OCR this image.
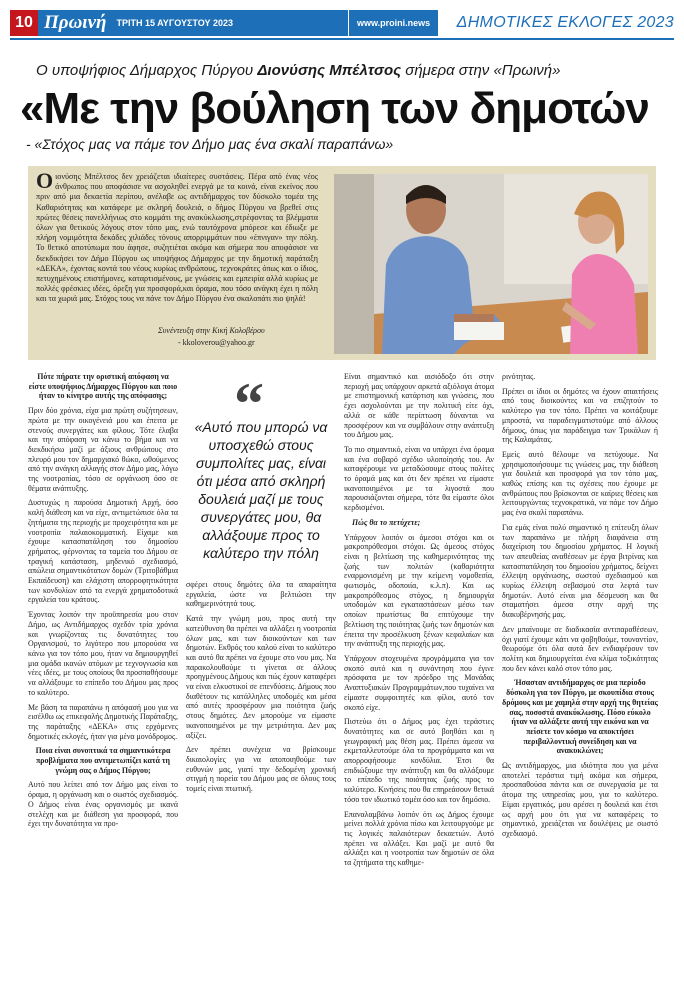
10 Πρωινή ΤΡΙΤΗ 15 ΑΥΓΟΥΣΤΟΥ 2023	www.proini.news	ΔΗΜΟΤΙΚΕΣ ΕΚΛΟΓΕΣ 2023
Ο υποψήφιος Δήμαρχος Πύργου Διονύσης Μπέλτσος σήμερα στην «Πρωινή»
«Με την βούληση των δημοτών
- «Στόχος μας να πάμε τον Δήμο μας ένα σκαλί παραπάνω»
Οιονύσης Μπέλτσος δεν χρειάζεται ιδιαίτερες συστάσεις. Πέρα από ένας νέος άνθρωπος που αποφάσισε να ασχοληθεί ενεργά με τα κοινά, είναι εκείνος που πριν από μια δεκαετία περίπου, ανέλαβε ως αντιδήμαρχος τον δύσκολο τομέα της Καθαριότητας και κατάφερε με σκληρή δουλειά, ο δήμος Πύργου να βρεθεί στις πρώτες θέσεις πανελλήνιως στο κομμάτι της ανακύκλωσης,στρέφοντας τα βλέμματα όλων για θετικούς λόγους στον τόπο μας, ενώ ταυτόχρονα μπόρεσε και έδιωξε με πλήρη νομιμότητα δεκάδες χιλιάδες τόνους απορριμμάτων που «έπνιγαν» την πόλη. Το θετικό αποτύπωμα που άφησε, συζητιέται ακόμα και σήμερα που αποφάσισε να διεκδικήσει τον Δήμο Πύργου ως υποψήφιος Δήμαρχος με την δημοτική παράταξη «ΔΕΚΑ», έχοντας κοντά του νέους κυρίως ανθρώπους, τεχνοκράτες όπως και ο ίδιος, πετυχημένους επιστήμονες, καταρτισμένους, με γνώσεις και εμπειρία αλλά κυρίως με πολλές φρέσκιες ιδέες, όρεξη για προσφορά,και όραμα, που τόσο ανάγκη έχει η πόλη και τα χωριά μας. Στόχος τους να πάνε τον Δήμο Πύργου ένα σκαλοπάτι πιο ψηλά!
Συνέντευξη στην Κική Κολοβέρου
- kkoloverou@yahoo.gr

Πότε πήρατε την οριστική απόφαση να είστε υποψήφιος Δήμαρχος Πύργου και ποιο ήταν το κίνητρο αυτής της απόφασης;

Πριν δύο χρόνια, είχα μια πρώτη συζήτησεων, πρώτα με την οικογένειά μου και έπειτα με στενούς συνεργάτες και φίλους. Τότε έλαβα και την απόφαση να κάνω το βήμα και να διεκδικήσω μαζί με άξιους ανθρώπους στο πλευρό μου τον δημαρχιακό θώκο, ωθούμενος από την ανάγκη αλλαγής στον Δήμο μας, λόγω της νοοτροπίας, τόσο σε οργάνωση όσο σε θέματα ανάπτυξης.

Δυστυχώς η παρούσα Δημοτική Αρχή, όσο καλή διάθεση και να είχε, αντιμετώπισε όλα τα ζητήματα της περιοχής με προχειρότητα και με νοοτροπία παλαιοκομματική. Είχαμε και έχουμε κατασπατάληση του δημοσίου χρήματος, φέρνοντας τα ταμεία του Δήμου σε τραγική κατάσταση, μηδενικό σχεδιασμό, απώλεια σημαντικότατων δομών (Τριτοβάθμια Εκπαίδευση) και ελάχιστη απορροφητικότητα των κονδυλίων από τα ενεργά χρηματοδοτικά εργαλεία του κράτους.

Έχοντας λοιπόν την προϋπηρεσία μου στον Δήμο, ως Αντιδήμαρχος σχεδόν τρία χρόνια και γνωρίζοντας τις δυνατότητες του Οργανισμού, το λιγότερο που μπορούσα να κάνω για τον τόπο μου, ήταν να δημιουργηθεί μια ομάδα ικανών ατόμων με τεχνογνωσία και νέες ιδέες, με τους οποίους θα προσπαθήσουμε να αλλάξουμε το επίπεδο του Δήμου μας προς το καλύτερο.

Με βάση τα παραπάνω η απόφασή μου για να εισέλθω ως επικεφαλής Δημοτικής Παράταξης, της παράταξης «ΔΕΚΑ» στις ερχόμενες δημοτικές εκλογές, ήταν για μένα μονόδρομος.

Ποια είναι συνοπτικά τα σημαντικότερα προβλήματα που αντιμετωπίζει κατά τη γνώμη σας ο Δήμος Πύργου;

Αυτό που λείπει από τον Δήμο μας είναι το όραμα, η οργάνωση και ο σωστός σχεδιασμός. Ο Δήμος είναι ένας οργανισμός με ικανά στελέχη και με διάθεση για προσφορά, που έχει την δυνατότητα να προ-

“
«Αυτό που μπορώ να υποσχεθώ στους συμπολίτες μας, είναι ότι μέσα από σκληρή δουλειά μαζί με τους συνεργάτες μου, θα αλλάξουμε προς το καλύτερο την πόλη

σφέρει στους δημότες όλα τα απαραίτητα εργαλεία, ώστε να βελτιώσει την καθημερινότητά τους.

Κατά την γνώμη μου, προς αυτή την κατεύθυνση θα πρέπει να αλλάξει η νοοτροπία όλων μας, και των διοικούντων και των δημοτών. Εκθρός του καλού είναι το καλύτερο και αυτό θα πρέπει να έχουμε στο νου μας. Να παρακολουθούμε τι γίνεται σε άλλους προηγμένους Δήμους και πώς έχουν καταφέρει να είναι ελκυστικοί σε επενδύσεις. Δήμους που διαθέτουν τις κατάλληλες υποδομές και μέσα από αυτές προσφέρουν μια ποιότητα ζωής στους δημότες. Δεν μπορούμε να είμαστε ικανοποιημένοι με την μετριότητα. Δεν μας αξίζει.

Δεν πρέπει συνέχεια να βρίσκουμε δικαιολογίες για να αποποιηθούμε των ευθυνών μας, γιατί την δεδομένη χρονική στιγμή η πορεία του Δήμου μας σε όλους τους τομείς είναι πτωτική.

Είναι σημαντικό και αισιόδοξο ότι στην περιοχή μας υπάρχουν αρκετά αξιόλογα άτομα με επιστημονική κατάρτιση και γνώσεις, που έχει ασχολούνται με την πολιτική είτε όχι, αλλά σε κάθε περίπτωση δύνανται να προσφέρουν και να συμβάλουν στην ανάπτυξη του Δήμου μας.

Το πιο σημαντικό, είναι να υπάρχει ένα όραμα και ένα σοβαρό σχέδιο υλοποίησής του. Αν καταφέρουμε να μεταδώσουμε στους πολίτες το όραμά μας και ότι δεν πρέπει να είμαστε ικανοποιημένοι με τα λιγοστά που παρουσιάζονται σήμερα, τότε θα είμαστε όλοι κερδισμένοι.

Πώς θα το πετύχετε;

Υπάρχουν λοιπόν οι άμεσοι στόχοι και οι μακροπρόθεσμοι στόχοι. Ως άμεσος στόχος είναι η βελτίωση της καθημερινότητας της ζωής των πολιτών (καθαριότητα εναρμονισμένη με την κείμενη νομοθεσία, φωτισμός, οδοποιία, κ.λ.π). Και ως μακροπρόθεσμος στόχος, η δημιουργία υποδομών και εγκαταστάσεων μέσω των οποίων πρωτίστως θα επιτύχουμε την βελτίωση της ποιότητας ζωής των δημοτών και έπειτα την προσέλκυση ξένων κεφαλαίων και την ανάπτυξη της περιοχής μας.

Υπάρχουν στοχευμένα προγράμματα για τον σκοπό αυτό και η συνάντηση που έγινε πρόσφατα με τον πρόεδρο της Μονάδας Αναπτυξιακών Προγραμμάτων,που τυχαίνει να είμαστε συμφοιτητές και φίλοι, αυτό τον σκοπό είχε.

Πιστεύω ότι ο Δήμος μας έχει τεράστιες δυνατότητες και σε αυτό βοηθάει και η γεωγραφική μας θέση μας. Πρέπει άμεσα να εκμεταλλευτούμε όλα τα προγράμματα και να απορροφήσουμε κονδύλια. Έτσι θα επιδιώξουμε την ανάπτυξη και θα αλλάξουμε το επίπεδο της ποιότητας ζωής προς το καλύτερο. Κινήσεις που θα επηρεάσουν θετικά τόσο τον ιδιωτικό τομέα όσο και τον δημόσιο.

Επαναλαμβάνω λοιπόν ότι ως Δήμος έχουμε μείνει πολλά χρόνια πίσω και λειτουργούμε με τις λογικές παλαιότερων δεκαετιών. Αυτό πρέπει να αλλάξει. Και μαζί με αυτό θα αλλάξει και η νοοτροπία των δημοτών σε όλα τα ζητήματα της καθημε-

ρινότητας.

Πρέπει οι ίδιοι οι δημότες να έχουν απαιτήσεις από τους διοικούντες και να επιζητούν το καλύτερο για τον τόπο. Πρέπει να κοιτάξουμε μπροστά, να παραδειγματιστούμε από άλλους δήμους, όπως για παράδειγμα των Τρικάλων ή της Καλαμάτας.

Εμείς αυτό θέλουμε να πετύχουμε. Να χρησιμοποιήσουμε τις γνώσεις μας, την διάθεση για δουλειά και προσφορά για τον τόπο μας, καθώς επίσης και τις σχέσεις που έχουμε με ανθρώπους που βρίσκονται σε καίριες θέσεις και λειτουργώντας τεχνοκρατικά, να πάμε τον Δήμο μας ένα σκαλί παραπάνω.

Για εμάς είναι πολύ σημαντικό η επίτευξη όλων των παραπάνω με πλήρη διαφάνεια στη διαχείριση του δημοσίου χρήματος. Η λογική των απευθείας αναθέσεων με έργα βιτρίνας και κατασπατάληση του δημοσίου χρήματος, δείχνει έλλειψη οργάνωσης, σωστού σχεδιασμού και κυρίως έλλειψη σεβασμού στα λεφτά των δημοτών. Αυτό είναι μια δέσμευση και θα σταματήσει άμεσα στην αρχή της διακυβέρνησής μας.

Δεν μπαίνουμε σε διαδικασία αντιπαραθέσεων, όχι γιατί έχουμε κάτι να φοβηθούμε, τουναντίον, θεωρούμε ότι όλα αυτά δεν ενδιαφέρουν τον πολίτη και δημιουργείται ένα κλίμα τοξικότητας που δεν κάνει καλό στον τόπο μας.

Ήσασταν αντιδήμαρχος σε μια περίοδο δύσκολη για τον Πύργο, με σκουπίδια στους δρόμους και με χαμηλά στην αρχή της θητείας σας, ποσοστά ανακύκλωσης. Πόσο εύκολο ήταν να αλλάξετε αυτή την εικόνα και να πείσετε τον κόσμο να αποκτήσει περιβαλλοντική συνείδηση και να ανακυκλώνει;

Ως αντιδήμαρχος, μια ιδιότητα που για μένα αποτελεί τεράστια τιμή ακόμα και σήμερα, προσπαθούσα πάντα και σε συνεργασία με τα άτομα της υπηρεσίας μου, για το καλύτερο. Είμαι εργατικός, μου αρέσει η δουλειά και έτσι ως αρχή μου ότι για να καταφέρεις το σημαντικό, χρειάζεται να δουλέψεις με σωστό σχεδιασμό.
